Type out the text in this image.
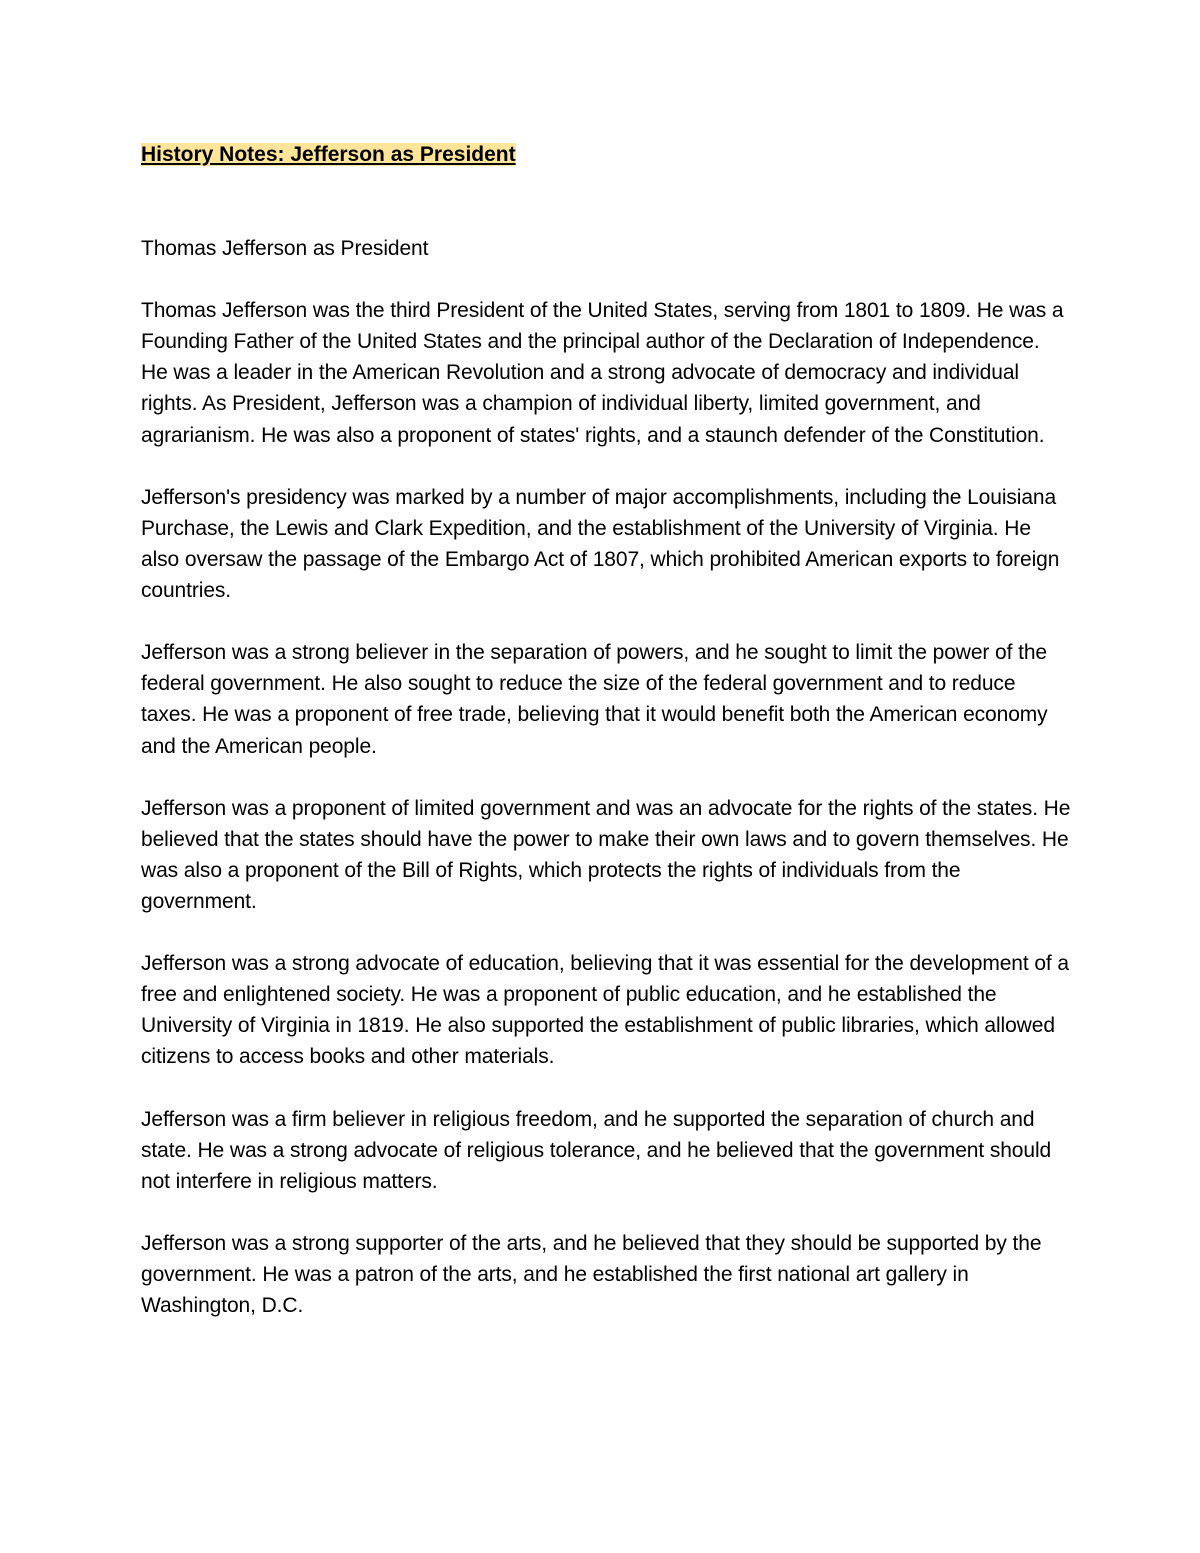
History Notes: Jefferson as President

Thomas Jefferson as President

Thomas Jefferson was the third President of the United States, serving from 1801 to 1809. He was a Founding Father of the United States and the principal author of the Declaration of Independence. He was a leader in the American Revolution and a strong advocate of democracy and individual rights. As President, Jefferson was a champion of individual liberty, limited government, and agrarianism. He was also a proponent of states' rights, and a staunch defender of the Constitution.

Jefferson's presidency was marked by a number of major accomplishments, including the Louisiana Purchase, the Lewis and Clark Expedition, and the establishment of the University of Virginia. He also oversaw the passage of the Embargo Act of 1807, which prohibited American exports to foreign countries.

Jefferson was a strong believer in the separation of powers, and he sought to limit the power of the federal government. He also sought to reduce the size of the federal government and to reduce taxes. He was a proponent of free trade, believing that it would benefit both the American economy and the American people.

Jefferson was a proponent of limited government and was an advocate for the rights of the states. He believed that the states should have the power to make their own laws and to govern themselves. He was also a proponent of the Bill of Rights, which protects the rights of individuals from the government.

Jefferson was a strong advocate of education, believing that it was essential for the development of a free and enlightened society. He was a proponent of public education, and he established the University of Virginia in 1819. He also supported the establishment of public libraries, which allowed citizens to access books and other materials.

Jefferson was a firm believer in religious freedom, and he supported the separation of church and state. He was a strong advocate of religious tolerance, and he believed that the government should not interfere in religious matters.

Jefferson was a strong supporter of the arts, and he believed that they should be supported by the government. He was a patron of the arts, and he established the first national art gallery in Washington, D.C.
